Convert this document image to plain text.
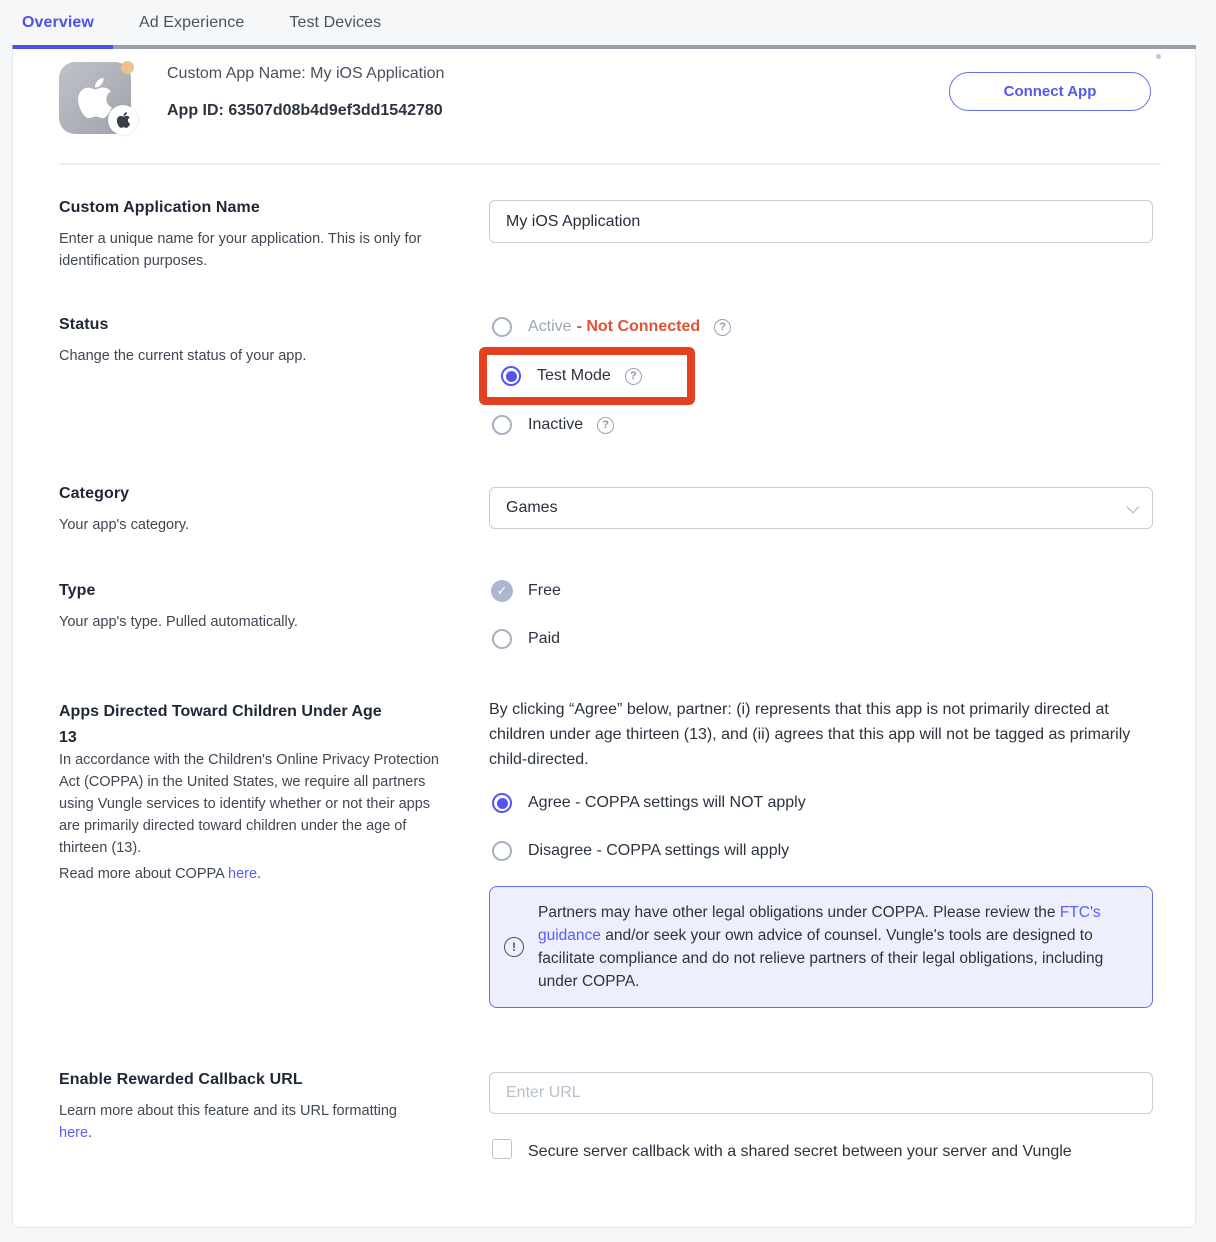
Overview	Ad Experience	Test Devices
Custom App Name: My iOS Application
App ID: 63507d08b4d9ef3dd1542780
Connect App
Custom Application Name
Enter a unique name for your application. This is only for identification purposes.
My iOS Application
Status
Change the current status of your app.
Active - Not Connected	?
Test Mode	?
Inactive	?
Category
Your app's category.
Games
Type
Your app's type. Pulled automatically.
✓	Free
Paid
Apps Directed Toward Children Under Age 13
In accordance with the Children's Online Privacy Protection Act (COPPA) in the United States, we require all partners using Vungle services to identify whether or not their apps are primarily directed toward children under the age of thirteen (13).
Read more about COPPA here.
By clicking “Agree” below, partner: (i) represents that this app is not primarily directed at children under age thirteen (13), and (ii) agrees that this app will not be tagged as primarily child-directed.
Agree - COPPA settings will NOT apply
Disagree - COPPA settings will apply
!
Partners may have other legal obligations under COPPA. Please review the FTC's guidance and/or seek your own advice of counsel. Vungle's tools are designed to facilitate compliance and do not relieve partners of their legal obligations, including under COPPA.
Enable Rewarded Callback URL
Learn more about this feature and its URL formatting
here.
Enter URL
Secure server callback with a shared secret between your server and Vungle
